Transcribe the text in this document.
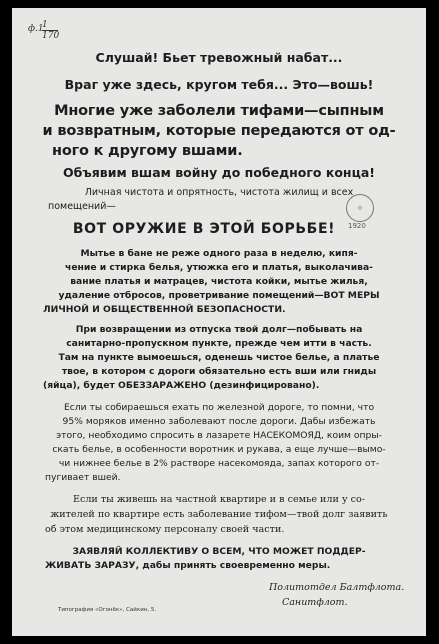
ф.1
1
170
Слушай! Бьет тревожный набат...
Враг уже здесь, кругом тебя... Это—вошь!
Многие уже заболели тифами—сыпным
и возвратным, которые передаются от од-
ного к другому вшами.
Объявим вшам войну до победного конца!
Личная чистота и опрятность, чистота жилищ и всех
помещений—	◎
1920
ВОТ ОРУЖИЕ В ЭТОЙ БОРЬБЕ!
Мытье в бане не реже одного раза в неделю, кипя-
чение и стирка белья, утюжка его и платья, выколачива-
вание платья и матрацев, чистота койки, мытье жилья,
удаление отбросов, проветривание помещений—ВОТ МЕРЫ
ЛИЧНОЙ И ОБЩЕСТВЕННОЙ БЕЗОПАСНОСТИ.
При возвращении из отпуска твой долг—побывать на
санитарно-пропускном пункте, прежде чем итти в часть.
Там на пункте вымоешься, оденешь чистое белье, а платье
твое, в котором с дороги обязательно есть вши или гниды
(яйца), будет ОБЕЗЗАРАЖЕНО (дезинфицировано).
Если ты собираешься ехать по железной дороге, то помни, что
95% моряков именно заболевают после дороги. Дабы избежать
этого, необходимо спросить в лазарете НАСЕКОМОЯД, коим опры-
скать белье, в особенности воротник и рукава, а еще лучше—вымо-
чи нижнее белье в 2% растворе насекомояда, запах которого от-
пугивает вшей.
Если ты живешь на частной квартире и в семье или у со-
жителей по квартире есть заболевание тифом—твой долг заявить
об этом медицинскому персоналу своей части.
ЗАЯВЛЯЙ КОЛЛЕКТИВУ О ВСЕМ, ЧТО МОЖЕТ ПОДДЕР-
ЖИВАТЬ ЗАРАЗУ, дабы принять своевременно меры.
Политотдел Балтфлота.
Санитфлот.
Типография «Огонёк», Сайкин, 5.
